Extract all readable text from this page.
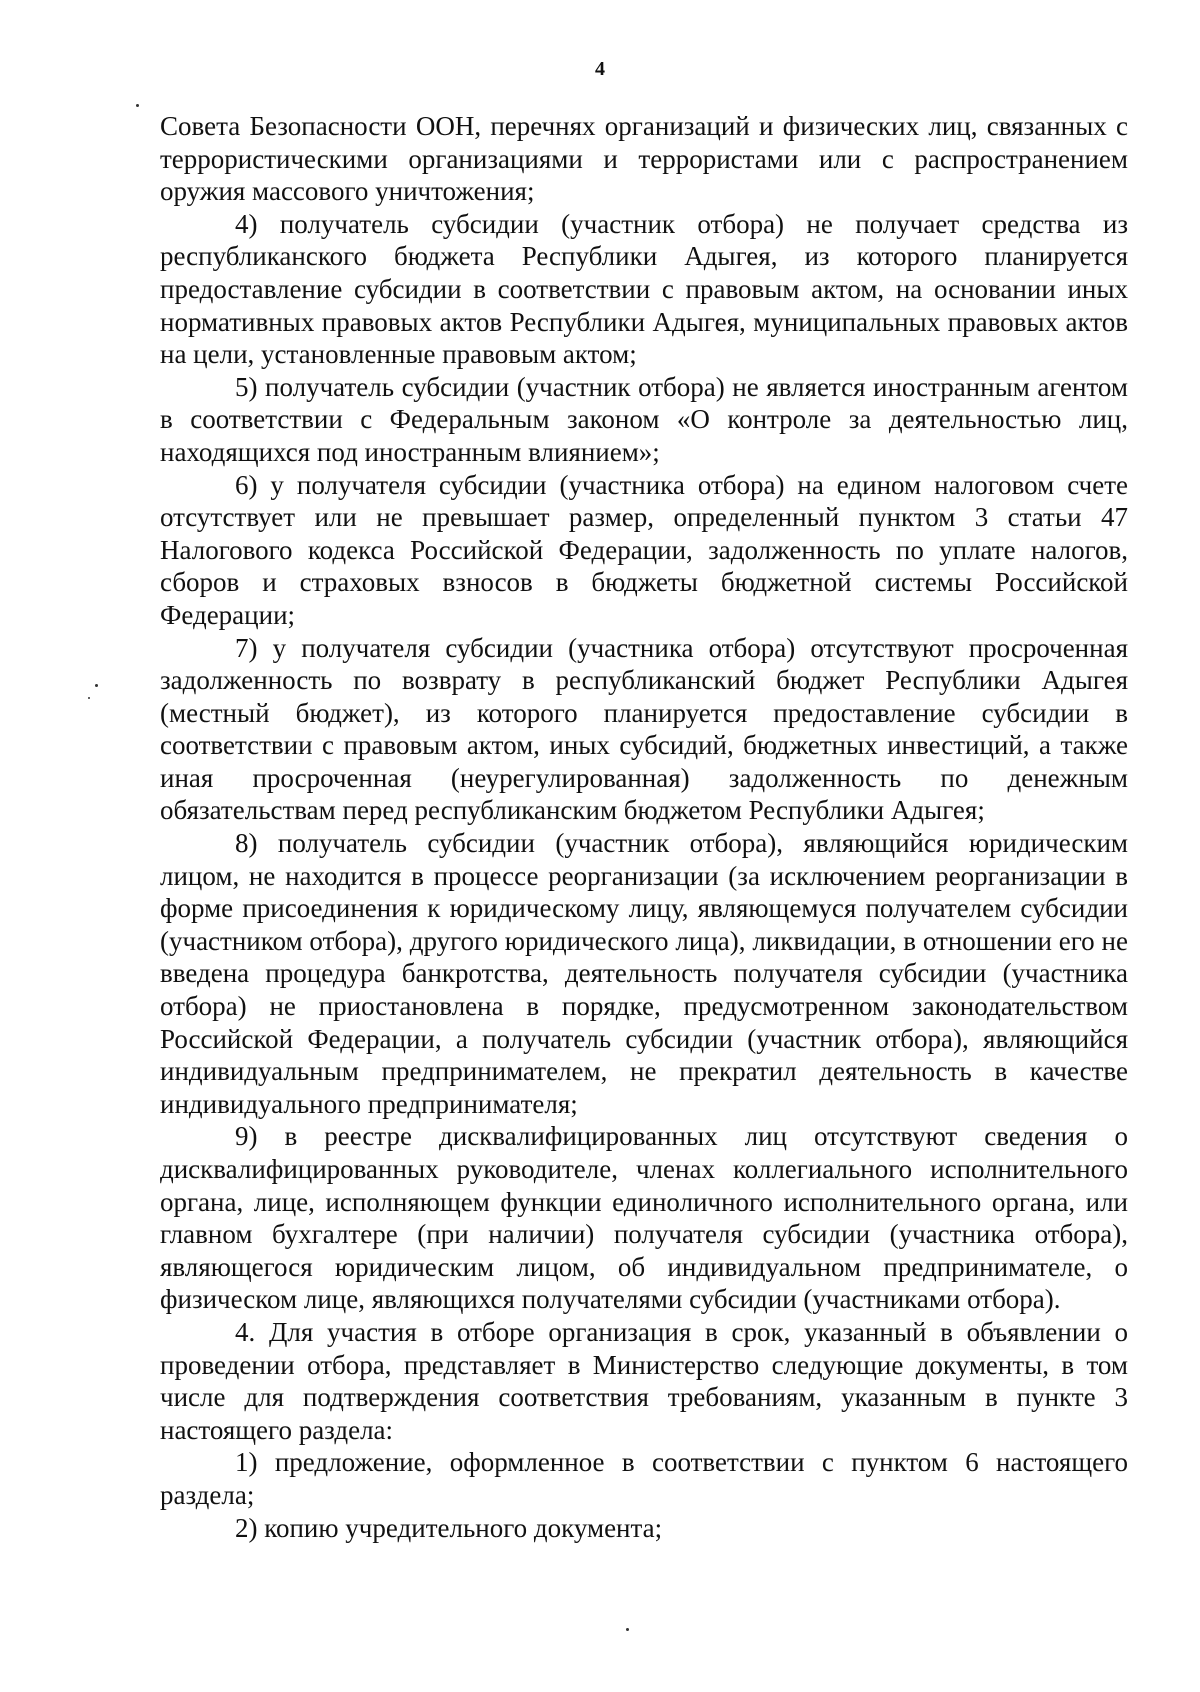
4

Совета Безопасности ООН, перечнях организаций и физических лиц, связанных с террористическими организациями и террористами или с распространением оружия массового уничтожения;

4) получатель субсидии (участник отбора) не получает средства из республиканского бюджета Республики Адыгея, из которого планируется предоставление субсидии в соответствии с правовым актом, на основании иных нормативных правовых актов Республики Адыгея, муниципальных правовых актов на цели, установленные правовым актом;

5) получатель субсидии (участник отбора) не является иностранным агентом в соответствии с Федеральным законом «О контроле за деятельностью лиц, находящихся под иностранным влиянием»;

6) у получателя субсидии (участника отбора) на едином налоговом счете отсутствует или не превышает размер, определенный пунктом 3 статьи 47 Налогового кодекса Российской Федерации, задолженность по уплате налогов, сборов и страховых взносов в бюджеты бюджетной системы Российской Федерации;

7) у получателя субсидии (участника отбора) отсутствуют просроченная задолженность по возврату в республиканский бюджет Республики Адыгея (местный бюджет), из которого планируется предоставление субсидии в соответствии с правовым актом, иных субсидий, бюджетных инвестиций, а также иная просроченная (неурегулированная) задолженность по денежным обязательствам перед республиканским бюджетом Республики Адыгея;

8) получатель субсидии (участник отбора), являющийся юридическим лицом, не находится в процессе реорганизации (за исключением реорганизации в форме присоединения к юридическому лицу, являющемуся получателем субсидии (участником отбора), другого юридического лица), ликвидации, в отношении его не введена процедура банкротства, деятельность получателя субсидии (участника отбора) не приостановлена в порядке, предусмотренном законодательством Российской Федерации, а получатель субсидии (участник отбора), являющийся индивидуальным предпринимателем, не прекратил деятельность в качестве индивидуального предпринимателя;

9) в реестре дисквалифицированных лиц отсутствуют сведения о дисквалифицированных руководителе, членах коллегиального исполнительного органа, лице, исполняющем функции единоличного исполнительного органа, или главном бухгалтере (при наличии) получателя субсидии (участника отбора), являющегося юридическим лицом, об индивидуальном предпринимателе, о физическом лице, являющихся получателями субсидии (участниками отбора).

4. Для участия в отборе организация в срок, указанный в объявлении о проведении отбора, представляет в Министерство следующие документы, в том числе для подтверждения соответствия требованиям, указанным в пункте 3 настоящего раздела:

1) предложение, оформленное в соответствии с пунктом 6 настоящего раздела;

2) копию учредительного документа;
